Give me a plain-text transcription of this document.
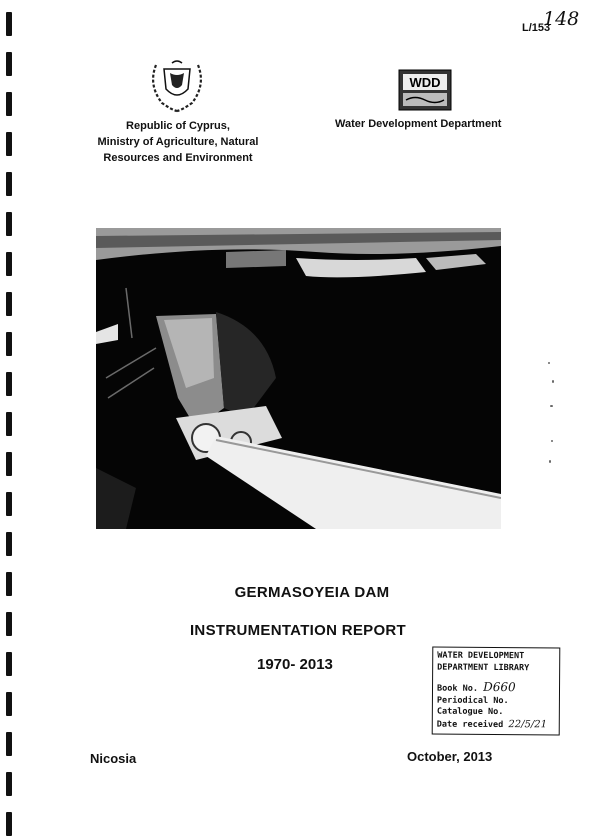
L/153
148
WDD
Republic of Cyprus,
Ministry of Agriculture, Natural
Resources and Environment
Water Development Department
GERMASOYEIA DAM
INSTRUMENTATION REPORT
1970- 2013
WATER DEVELOPMENT
DEPARTMENT LIBRARY
Book No. D660
Periodical No.
Catalogue No.
Date received 22/5/21
Nicosia	October, 2013
